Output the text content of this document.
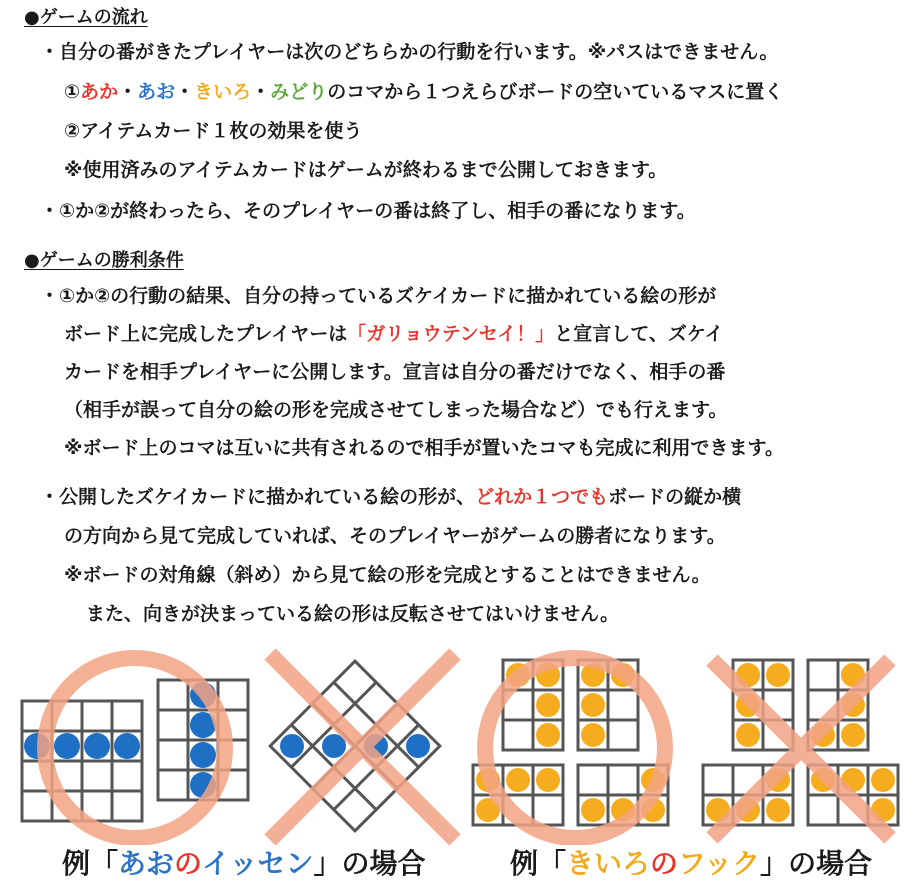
●ゲームの流れ
・自分の番がきたプレイヤーは次のどちらかの行動を行います。※パスはできません。
①あか・あお・きいろ・みどりのコマから１つえらびボードの空いているマスに置く
②アイテムカード１枚の効果を使う
※使用済みのアイテムカードはゲームが終わるまで公開しておきます。
・①か②が終わったら、そのプレイヤーの番は終了し、相手の番になります。
●ゲームの勝利条件
・①か②の行動の結果、自分の持っているズケイカードに描かれている絵の形が
ボード上に完成したプレイヤーは「ガリョウテンセイ！」と宣言して、ズケイ
カードを相手プレイヤーに公開します。宣言は自分の番だけでなく、相手の番
（相手が誤って自分の絵の形を完成させてしまった場合など）でも行えます。
※ボード上のコマは互いに共有されるので相手が置いたコマも完成に利用できます。
・公開したズケイカードに描かれている絵の形が、どれか１つでもボードの縦か横
の方向から見て完成していれば、そのプレイヤーがゲームの勝者になります。
※ボードの対角線（斜め）から見て絵の形を完成とすることはできません。
また、向きが決まっている絵の形は反転させてはいけません。
例「あおのイッセン」の場合	例「きいろのフック」の場合
